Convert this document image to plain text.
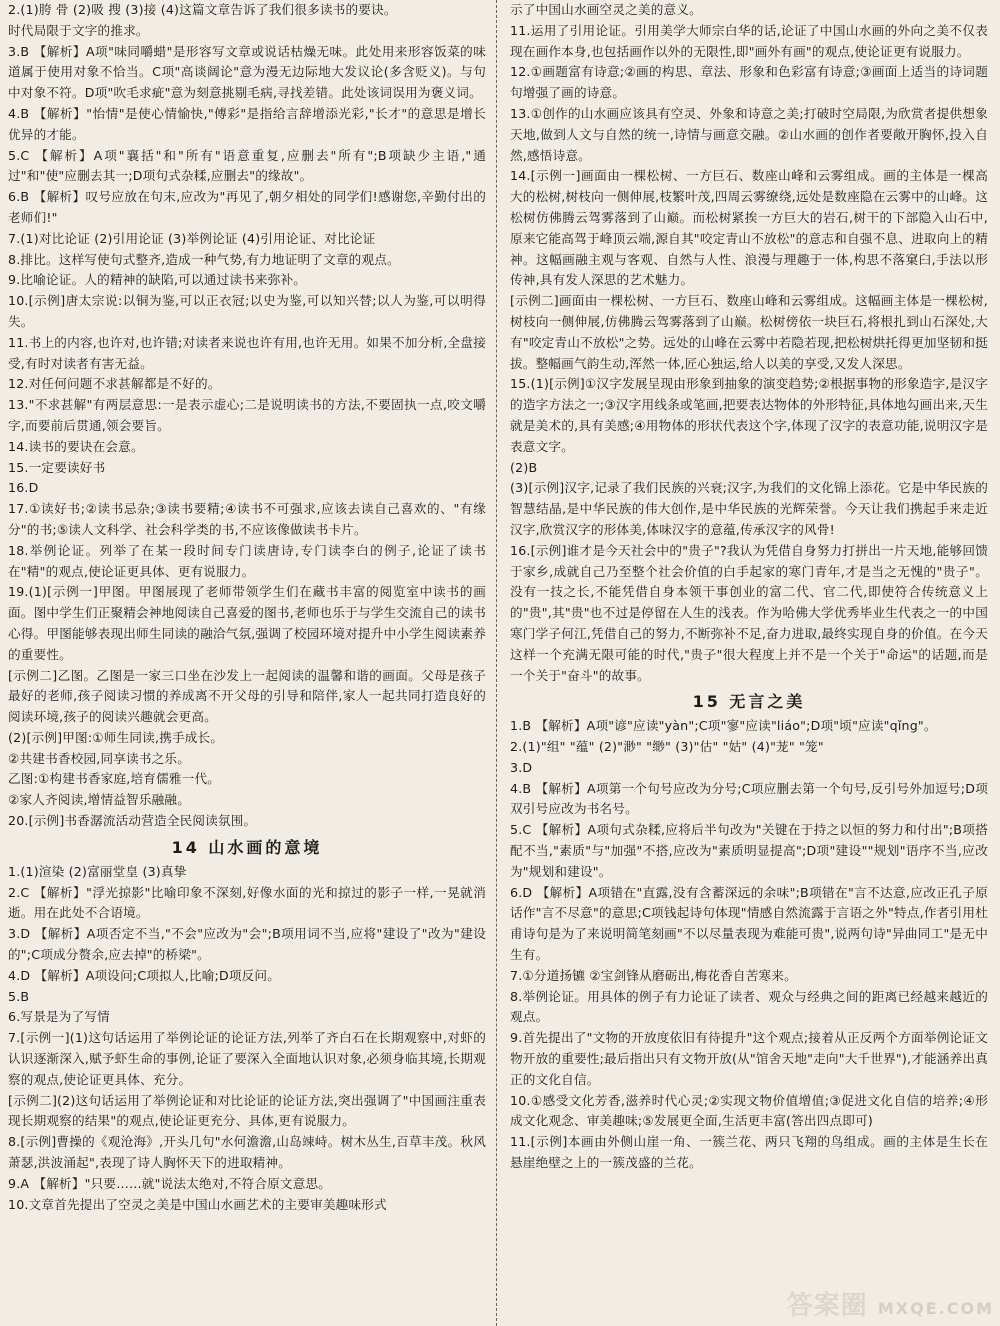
2.(1)胯 骨 (2)吸 搜 (3)接 (4)这篇文章告诉了我们很多读书的要诀。

时代局限于文字的推求。

3.B 【解析】A项"味同嚼蜡"是形容写文章或说话枯燥无味。此处用来形容饭菜的味道属于使用对象不恰当。C项"高谈阔论"意为漫无边际地大发议论(多含贬义)。与句中对象不符。D项"吹毛求疵"意为刻意挑剔毛病,寻找差错。此处该词误用为褒义词。

4.B 【解析】"怡情"是使心情愉快,"傅彩"是指给言辞增添光彩,"长才"的意思是增长优异的才能。

5.C 【解析】A项"襄括"和"所有"语意重复,应删去"所有";B项缺少主语,"通过"和"使"应删去其一;D项句式杂糅,应删去"的缘故"。

6.B 【解析】叹号应放在句末,应改为"再见了,朝夕相处的同学们!感谢您,辛勤付出的老师们!"

7.(1)对比论证 (2)引用论证 (3)举例论证 (4)引用论证、对比论证

8.排比。这样写使句式整齐,造成一种气势,有力地证明了文章的观点。

9.比喻论证。人的精神的缺陷,可以通过读书来弥补。

10.[示例]唐太宗说:以铜为鉴,可以正衣冠;以史为鉴,可以知兴替;以人为鉴,可以明得失。

11.书上的内容,也许对,也许错;对读者来说也许有用,也许无用。如果不加分析,全盘接受,有时对读者有害无益。

12.对任何问题不求甚解都是不好的。

13."不求甚解"有两层意思:一是表示虚心;二是说明读书的方法,不要固执一点,咬文嚼字,而要前后贯通,领会要旨。

14.读书的要诀在会意。

15.一定要读好书

16.D

17.①读好书;②读书忌杂;③读书要精;④读书不可强求,应该去读自己喜欢的、"有缘分"的书;⑤读人文科学、社会科学类的书,不应该像做读书卡片。

18.举例论证。列举了在某一段时间专门读唐诗,专门读李白的例子,论证了读书在"精"的观点,使论证更具体、更有说服力。

19.(1)[示例一]甲图。甲图展现了老师带领学生们在藏书丰富的阅览室中读书的画面。图中学生们正聚精会神地阅读自己喜爱的图书,老师也乐于与学生交流自己的读书心得。甲图能够表现出师生同读的融洽气氛,强调了校园环境对提升中小学生阅读素养的重要性。

[示例二]乙图。乙图是一家三口坐在沙发上一起阅读的温馨和谐的画面。父母是孩子最好的老师,孩子阅读习惯的养成离不开父母的引导和陪伴,家人一起共同打造良好的阅读环境,孩子的阅读兴趣就会更高。

(2)[示例]甲图:①师生同读,携手成长。

②共建书香校园,同享读书之乐。

乙图:①构建书香家庭,培育儒雅一代。

②家人齐阅读,增情益智乐融融。

20.[示例]书香潺流活动营造全民阅读氛围。

14 山水画的意境

1.(1)渲染 (2)富丽堂皇 (3)真挚

2.C 【解析】"浮光掠影"比喻印象不深刻,好像水面的光和掠过的影子一样,一晃就消逝。用在此处不合语境。

3.D 【解析】A项否定不当,"不会"应改为"会";B项用词不当,应将"建设了"改为"建设的";C项成分赘余,应去掉"的桥梁"。

4.D 【解析】A项设问;C项拟人,比喻;D项反问。

5.B

6.写景是为了写情

7.[示例一](1)这句话运用了举例论证的论证方法,列举了齐白石在长期观察中,对虾的认识逐渐深入,赋予虾生命的事例,论证了要深入全面地认识对象,必须身临其境,长期观察的观点,使论证更具体、充分。

[示例二](2)这句话运用了举例论证和对比论证的论证方法,突出强调了"中国画注重表现长期观察的结果"的观点,使论证更充分、具体,更有说服力。

8.[示例]曹操的《观沧海》,开头几句"水何澹澹,山岛竦峙。树木丛生,百草丰茂。秋风萧瑟,洪波涌起",表现了诗人胸怀天下的进取精神。

9.A 【解析】"只要……就"说法太绝对,不符合原文意思。

10.文章首先提出了空灵之美是中国山水画艺术的主要审美趣味形式

示了中国山水画空灵之美的意义。

11.运用了引用论证。引用美学大师宗白华的话,论证了中国山水画的外向之美不仅表现在画作本身,也包括画作以外的无限性,即"画外有画"的观点,使论证更有说服力。

12.①画题富有诗意;②画的构思、章法、形象和色彩富有诗意;③画面上适当的诗词题句增强了画的诗意。

13.①创作的山水画应该具有空灵、外象和诗意之美;打破时空局限,为欣赏者提供想象天地,做到人文与自然的统一,诗情与画意交融。②山水画的创作者要敞开胸怀,投入自然,感悟诗意。

14.[示例一]画面由一棵松树、一方巨石、数座山峰和云雾组成。画的主体是一棵高大的松树,树枝向一侧伸展,枝繁叶茂,四周云雾缭绕,远处是数座隐在云雾中的山峰。这松树仿佛腾云驾雾落到了山巅。而松树紧挨一方巨大的岩石,树干的下部隐入山石中,原来它能高驾于峰顶云端,源自其"咬定青山不放松"的意志和自强不息、进取向上的精神。这幅画融主观与客观、自然与人性、浪漫与理趣于一体,构思不落窠臼,手法以形传神,具有发人深思的艺术魅力。

[示例二]画面由一棵松树、一方巨石、数座山峰和云雾组成。这幅画主体是一棵松树,树枝向一侧伸展,仿佛腾云驾雾落到了山巅。松树傍依一块巨石,将根扎到山石深处,大有"咬定青山不放松"之势。远处的山峰在云雾中若隐若现,把松树烘托得更加坚韧和挺拔。整幅画气韵生动,浑然一体,匠心独运,给人以美的享受,又发人深思。

15.(1)[示例]①汉字发展呈现由形象到抽象的演变趋势;②根据事物的形象造字,是汉字的造字方法之一;③汉字用线条或笔画,把要表达物体的外形特征,具体地勾画出来,天生就是美术的,具有美感;④用物体的形状代表这个字,体现了汉字的表意功能,说明汉字是表意文字。

(2)B

(3)[示例]汉字,记录了我们民族的兴衰;汉字,为我们的文化锦上添花。它是中华民族的智慧结晶,是中华民族的伟大创作,是中华民族的光辉荣誉。今天让我们携起手来走近汉字,欣赏汉字的形体美,体味汉字的意蕴,传承汉字的风骨!

16.[示例]谁才是今天社会中的"贵子"?我认为凭借自身努力打拼出一片天地,能够回馈于家乡,成就自己乃至整个社会价值的白手起家的寒门青年,才是当之无愧的"贵子"。没有一技之长,不能凭借自身本领干事创业的富二代、官二代,即使符合传统意义上的"贵",其"贵"也不过是停留在人生的浅表。作为哈佛大学优秀毕业生代表之一的中国寒门学子何江,凭借自己的努力,不断弥补不足,奋力进取,最终实现自身的价值。在今天这样一个充满无限可能的时代,"贵子"很大程度上并不是一个关于"命运"的话题,而是一个关于"奋斗"的故事。

15 无言之美

1.B 【解析】A项"谚"应读"yàn";C项"寥"应读"liáo";D项"顷"应读"qǐng"。

2.(1)"组" "蕴" (2)"渺" "缈" (3)"估" "姑" (4)"茏" "笼"

3.D

4.B 【解析】A项第一个句号应改为分号;C项应删去第一个句号,反引号外加逗号;D项双引号应改为书名号。

5.C 【解析】A项句式杂糅,应将后半句改为"关键在于持之以恒的努力和付出";B项搭配不当,"素质"与"加强"不搭,应改为"素质明显提高";D项"建设""规划"语序不当,应改为"规划和建设"。

6.D 【解析】A项错在"直露,没有含蓄深远的余味";B项错在"言不达意,应改正孔子原话作"言不尽意"的意思;C项钱起诗句体现"情感自然流露于言语之外"特点,作者引用杜甫诗句是为了来说明简笔刻画"不以尽量表现为难能可贵",说两句诗"异曲同工"是无中生有。

7.①分道扬镳 ②宝剑锋从磨砺出,梅花香自苦寒来。

8.举例论证。用具体的例子有力论证了读者、观众与经典之间的距离已经越来越近的观点。

9.首先提出了"文物的开放度依旧有待提升"这个观点;接着从正反两个方面举例论证文物开放的重要性;最后指出只有文物开放(从"馆舍天地"走向"大千世界"),才能涵养出真正的文化自信。

10.①感受文化芳香,滋养时代心灵;②实现文物价值增值;③促进文化自信的培养;④形成文化观念、审美趣味;⑤发展更全面,生活更丰富(答出四点即可)

11.[示例]本画由外侧山崖一角、一簇兰花、两只飞翔的鸟组成。画的主体是生长在悬崖绝壁之上的一簇茂盛的兰花。

答案圈 MXQE.COM
